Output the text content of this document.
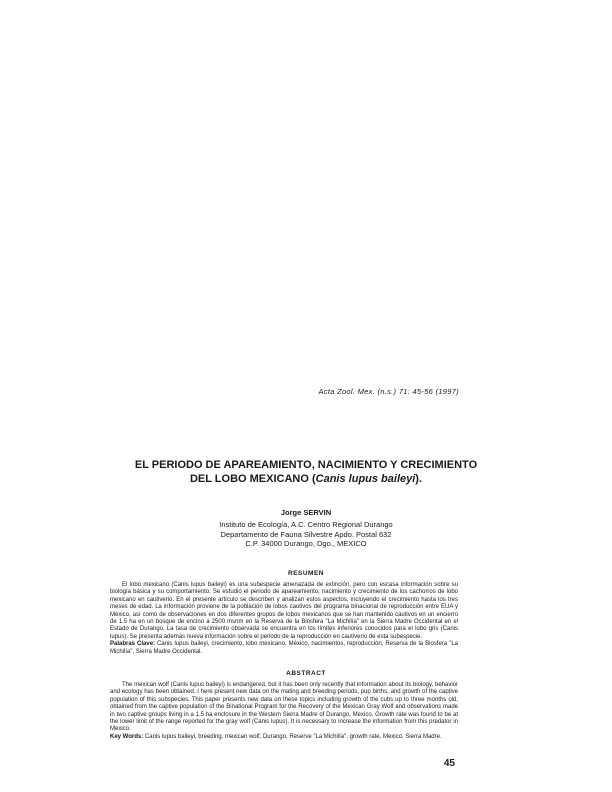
Acta Zool. Mex. (n.s.) 71: 45-56 (1997)
EL PERIODO DE APAREAMIENTO, NACIMIENTO Y CRECIMIENTO
DEL LOBO MEXICANO (Canis lupus baileyi).
Jorge SERVIN
Instituto de Ecología, A.C. Centro Regional Durango
Departamento de Fauna Silvestre Apdo. Postal 632
C.P. 34000 Durango, Dgo., MEXICO
RESUMEN

El lobo mexicano (Canis lupus baileyi) es una subespecie amenazada de extinción, pero con escasa información sobre su biología básica y su comportamiento. Se estudió el periodo de apareamiento, nacimiento y crecimiento de los cachorros de lobo mexicano en cautiverio. En el presente artículo se describen y analizan estos aspectos, incluyendo el crecimiento hasta los tres meses de edad. La información proviene de la población de lobos cautivos del programa binacional de reproducción entre EUA y México, así como de observaciones en dos diferentes grupos de lobos mexicanos que se han mantenido cautivos en un encierro de 1.5 ha en un bosque de encino a 2500 msnm en la Reserva de la Biosfera "La Michilía" en la Sierra Madre Occidental en el Estado de Durango. La tasa de crecimiento observada se encuentra en los límites inferiores conocidos para el lobo gris (Canis lupus). Se presenta además nueva información sobre el periodo de la reproducción en cautiverio de esta subespecie.

Palabras Clave: Canis lupus baileyi, crecimiento, lobo mexicano, México, nacimientos, reproducción, Reserva de la Biosfera "La Michilía", Sierra Madre Occidental.

ABSTRACT

The mexican wolf (Canis lupus baileyi) is endangered, but it has been only recently that information about its biology, behavior and ecology has been obtained. I here present new data on the mating and breeding periods, pup births, and growth of the captive population of this subspecies. This paper presents new data on these topics including growth of the cubs up to three months old, obtained from the captive population of the Binational Program for the Recovery of the Mexican Gray Wolf and observations made in two captive groups living in a 1.5 ha enclosure in the Western Sierra Madre of Durango, Mexico. Growth rate was found to be at the lower limit of the range reported for the gray wolf (Canis lupus). It is necessary to increase the information from this predator in Mexico.

Key Words: Canis lupus baileyi, breeding, mexican wolf, Durango, Reserve "La Michilía", growth rate, Mexico, Sierra Madre.

45
